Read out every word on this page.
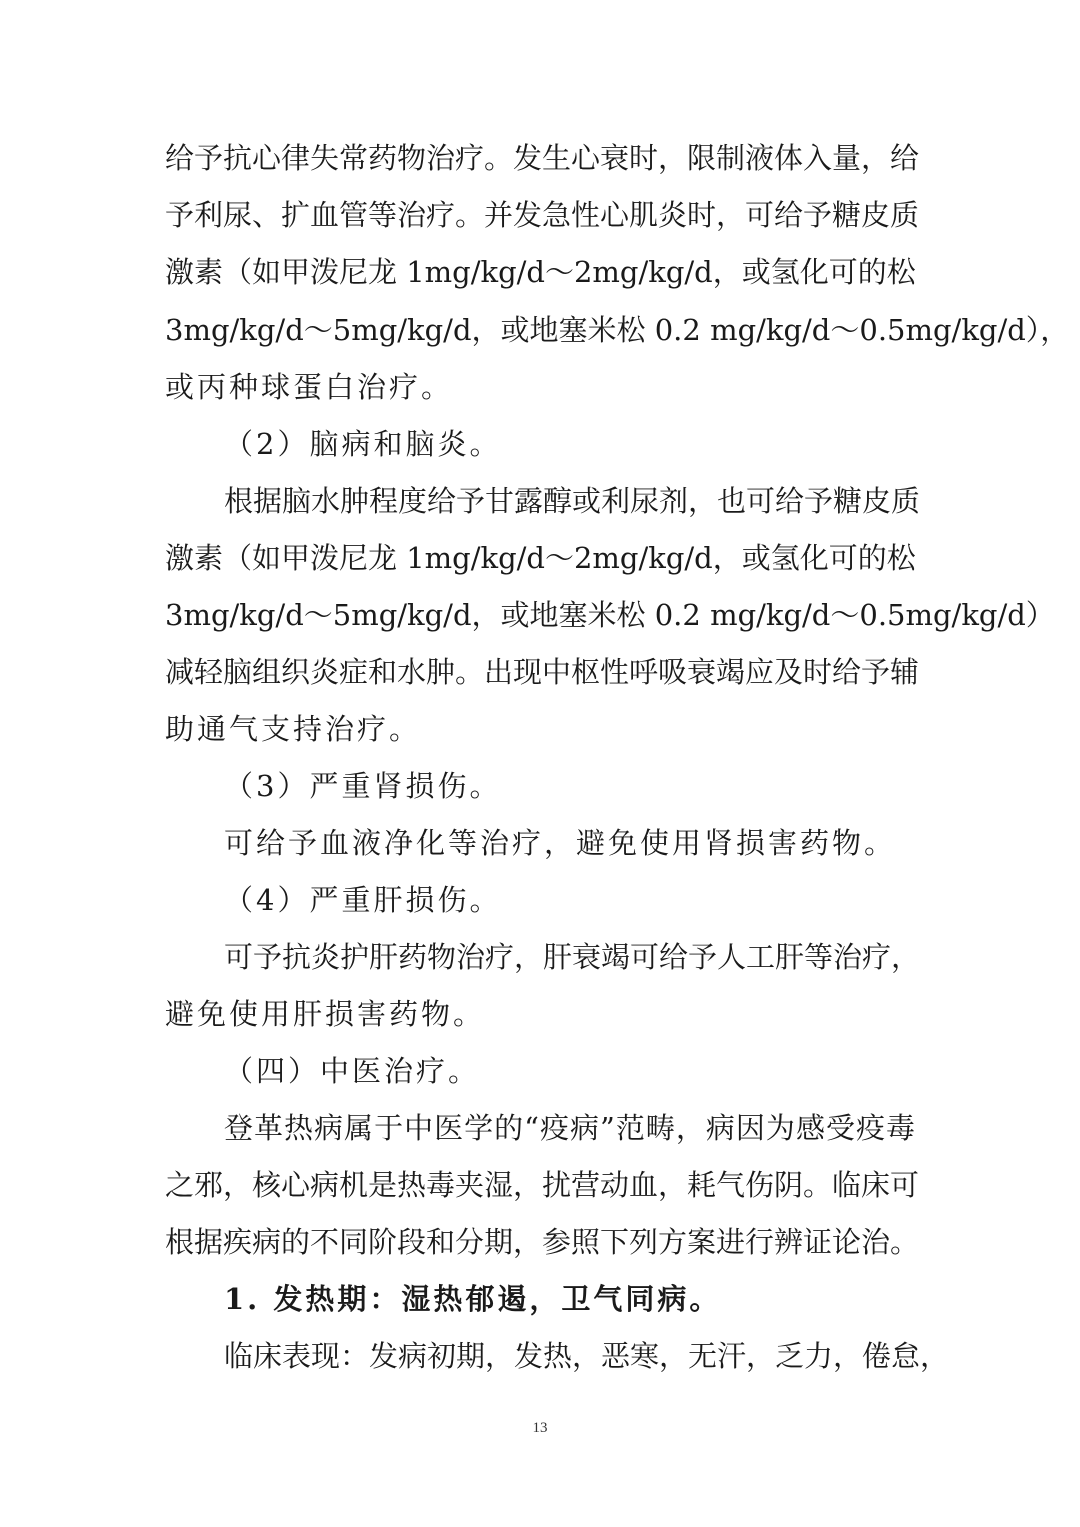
给予抗心律失常药物治疗。发生心衰时，限制液体入量，给
予利尿、扩血管等治疗。并发急性心肌炎时，可给予糖皮质
激素（如甲泼尼龙 1mg/kg/d～2mg/kg/d，或氢化可的松
3mg/kg/d～5mg/kg/d，或地塞米松 0.2 mg/kg/d～0.5mg/kg/d），
或丙种球蛋白治疗。
（2）脑病和脑炎。
根据脑水肿程度给予甘露醇或利尿剂，也可给予糖皮质
激素（如甲泼尼龙 1mg/kg/d～2mg/kg/d，或氢化可的松
3mg/kg/d～5mg/kg/d，或地塞米松 0.2 mg/kg/d～0.5mg/kg/d）
减轻脑组织炎症和水肿。出现中枢性呼吸衰竭应及时给予辅
助通气支持治疗。
（3）严重肾损伤。
可给予血液净化等治疗，避免使用肾损害药物。
（4）严重肝损伤。
可予抗炎护肝药物治疗，肝衰竭可给予人工肝等治疗，
避免使用肝损害药物。
（四）中医治疗。
登革热病属于中医学的“疫病”范畴，病因为感受疫毒
之邪，核心病机是热毒夹湿，扰营动血，耗气伤阴。临床可
根据疾病的不同阶段和分期，参照下列方案进行辨证论治。
1. 发热期：湿热郁遏，卫气同病。
临床表现：发病初期，发热，恶寒，无汗，乏力，倦怠，
13
